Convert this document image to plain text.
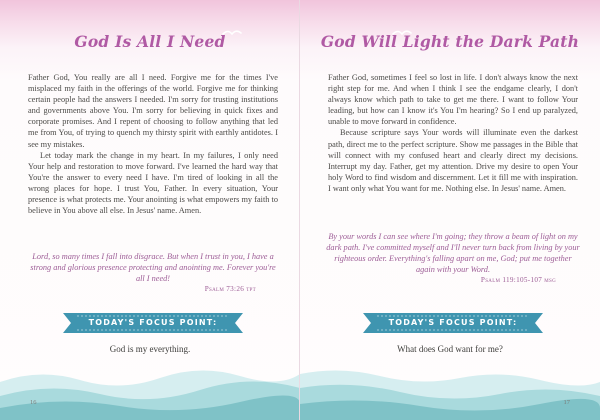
God Is All I Need

Father God, You really are all I need. Forgive me for the times I've misplaced my faith in the offerings of the world. Forgive me for thinking certain people had the answers I needed. I'm sorry for trusting institutions and governments above You. I'm sorry for believing in quick fixes and corporate promises. And I repent of choosing to follow anything that led me from You, of trying to quench my thirsty spirit with earthly antidotes. I see my mistakes.

Let today mark the change in my heart. In my failures, I only need Your help and restoration to move forward. I've learned the hard way that You're the answer to every need I have. I'm tired of looking in all the wrong places for hope. I trust You, Father. In every situation, Your presence is what protects me. Your anointing is what empowers my faith to believe in You above all else. In Jesus' name. Amen.

Lord, so many times I fall into disgrace. But when I trust in you, I have a strong and glorious presence protecting and anointing me. Forever you're all I need!
Psalm 73:26 tpt
TODAY'S FOCUS POINT:
God is my everything.
16
God Will Light the Dark Path

Father God, sometimes I feel so lost in life. I don't always know the next right step for me. And when I think I see the endgame clearly, I don't always know which path to take to get me there. I want to follow Your leading, but how can I know it's You I'm hearing? So I end up paralyzed, unable to move forward in confidence.

Because scripture says Your words will illuminate even the darkest path, direct me to the perfect scripture. Show me passages in the Bible that will connect with my confused heart and clearly direct my decisions. Interrupt my day. Father, get my attention. Drive my desire to open Your holy Word to find wisdom and discernment. Let it fill me with inspiration. I want only what You want for me. Nothing else. In Jesus' name. Amen.

By your words I can see where I'm going; they throw a beam of light on my dark path. I've committed myself and I'll never turn back from living by your righteous order. Everything's falling apart on me, God; put me together again with your Word.
Psalm 119:105-107 msg
TODAY'S FOCUS POINT:
What does God want for me?
17
